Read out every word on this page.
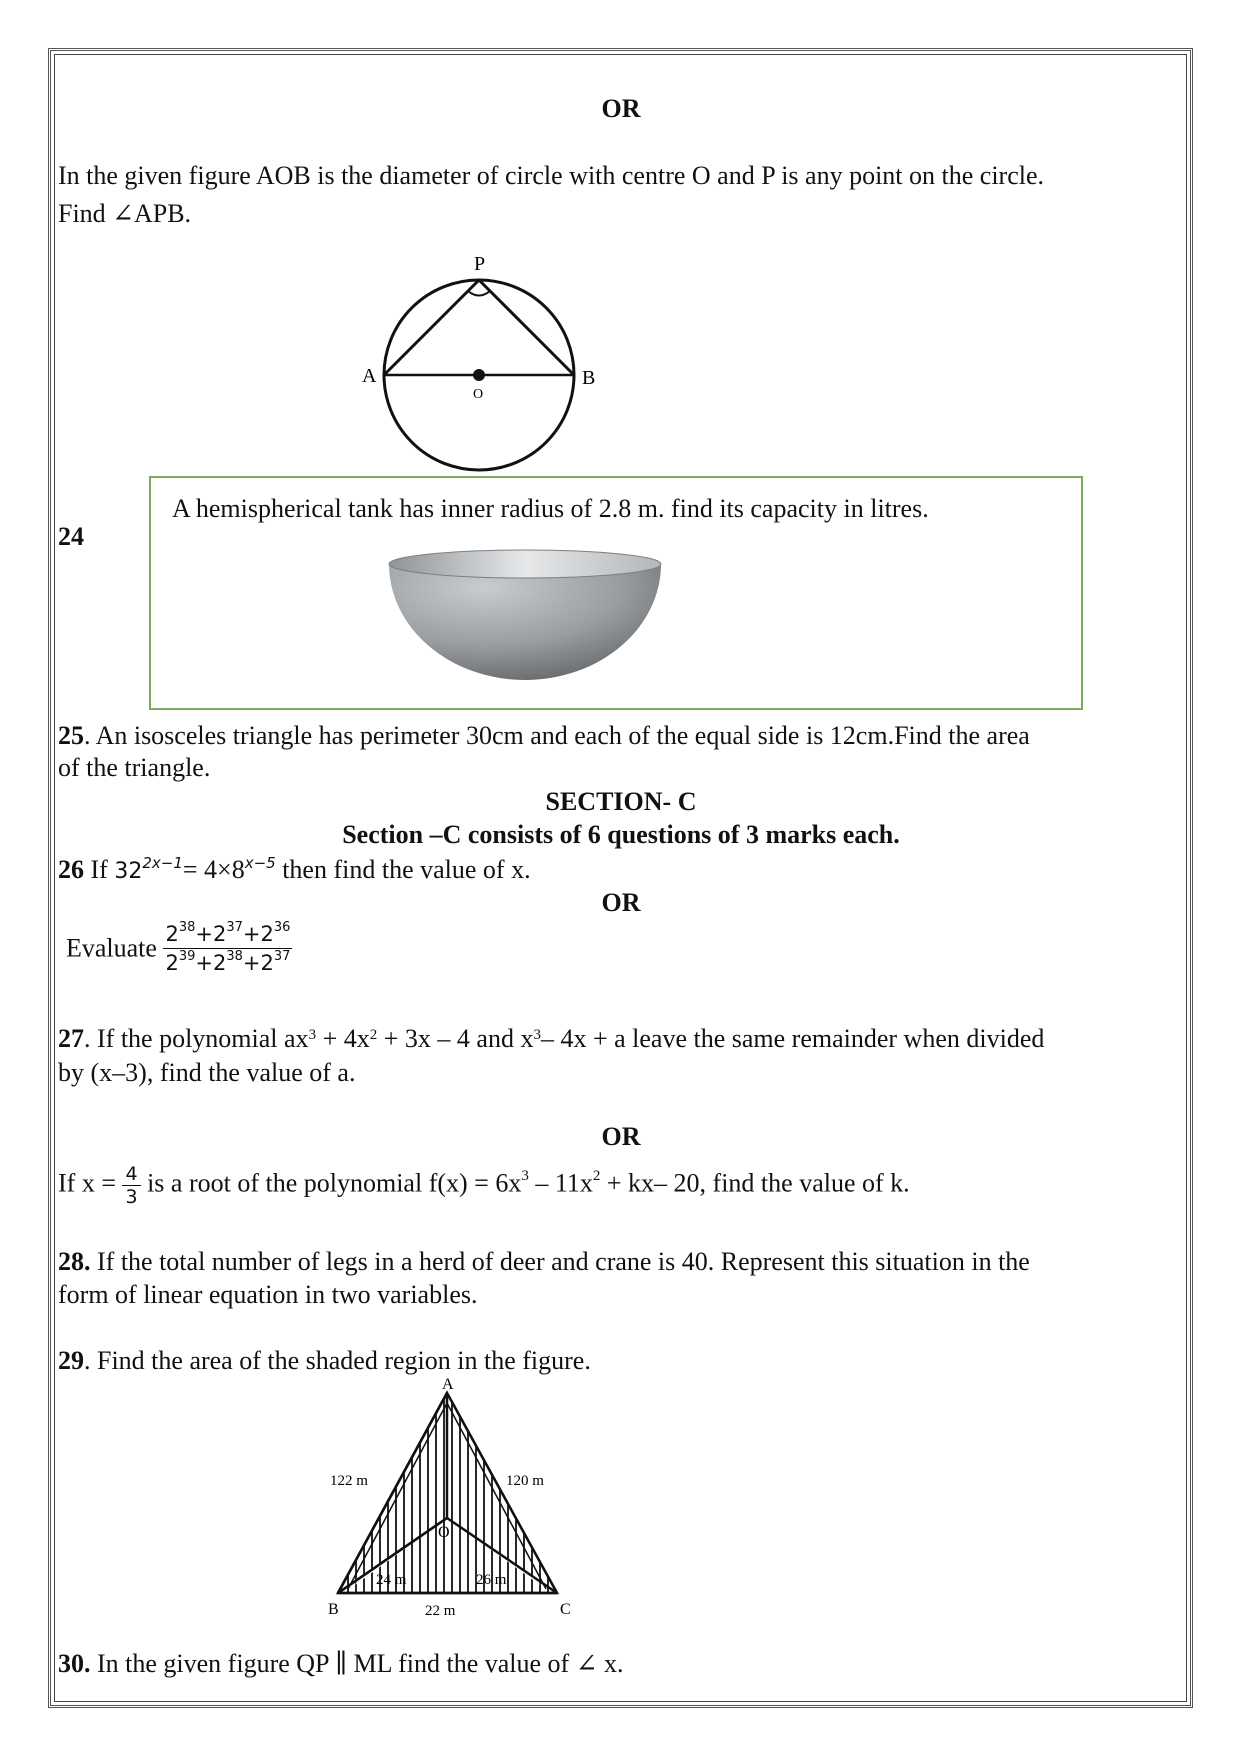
OR
In the given figure AOB is the diameter of circle with centre O and P is any point on the circle.
Find ∠APB.
P
A	B
O
24
A hemispherical tank has inner radius of 2.8 m. find its capacity in litres.
25. An isosceles triangle has perimeter 30cm and each of the equal side is 12cm.Find the area
of the triangle.
SECTION- C
Section –C consists of 6 questions of 3 marks each.
26 If $32^{2x-1}= 4\times 8^{x-5}$ then find the value of x.
OR
Evaluate $\frac{2^{38}+2^{37}+2^{36}}{2^{39}+2^{38}+2^{37}}$
27. If the polynomial $ax^3 + 4x^2 + 3x - 4$ and $x^3-$ 4x + a leave the same remainder when divided
by (x–3), find the value of a.
OR
If $x = \frac{4}{3}$ is a root of the polynomial $f(x) = 6x^3 - 11x^2 + kx-$ 20, find the value of k.
28. If the total number of legs in a herd of deer and crane is 40. Represent this situation in the
form of linear equation in two variables.
29. Find the area of the shaded region in the figure.
A
B	C
O
122 m	120 m
24 m	26 m
22 m
30. In the given figure QP ∥ ML find the value of ∠ x.
